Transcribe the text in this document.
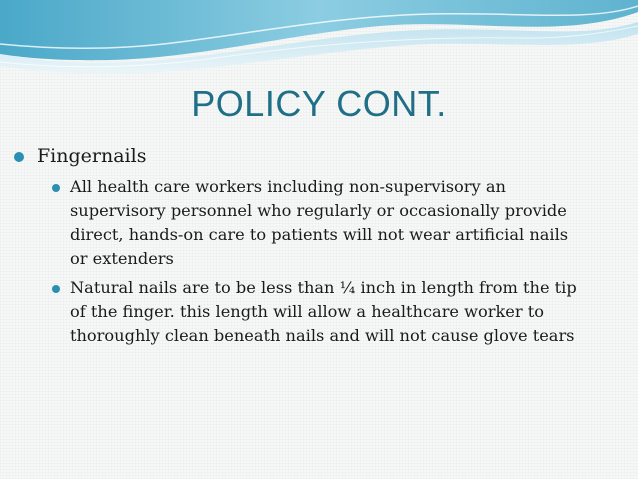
POLICY CONT.
Fingernails
All health care workers including non-supervisory an supervisory personnel who regularly or occasionally provide direct, hands-on care to patients will not wear artificial nails or extenders
Natural nails are to be less than ¼ inch in length from the tip of the finger. this length will allow a healthcare worker to thoroughly clean beneath nails and will not cause glove tears
